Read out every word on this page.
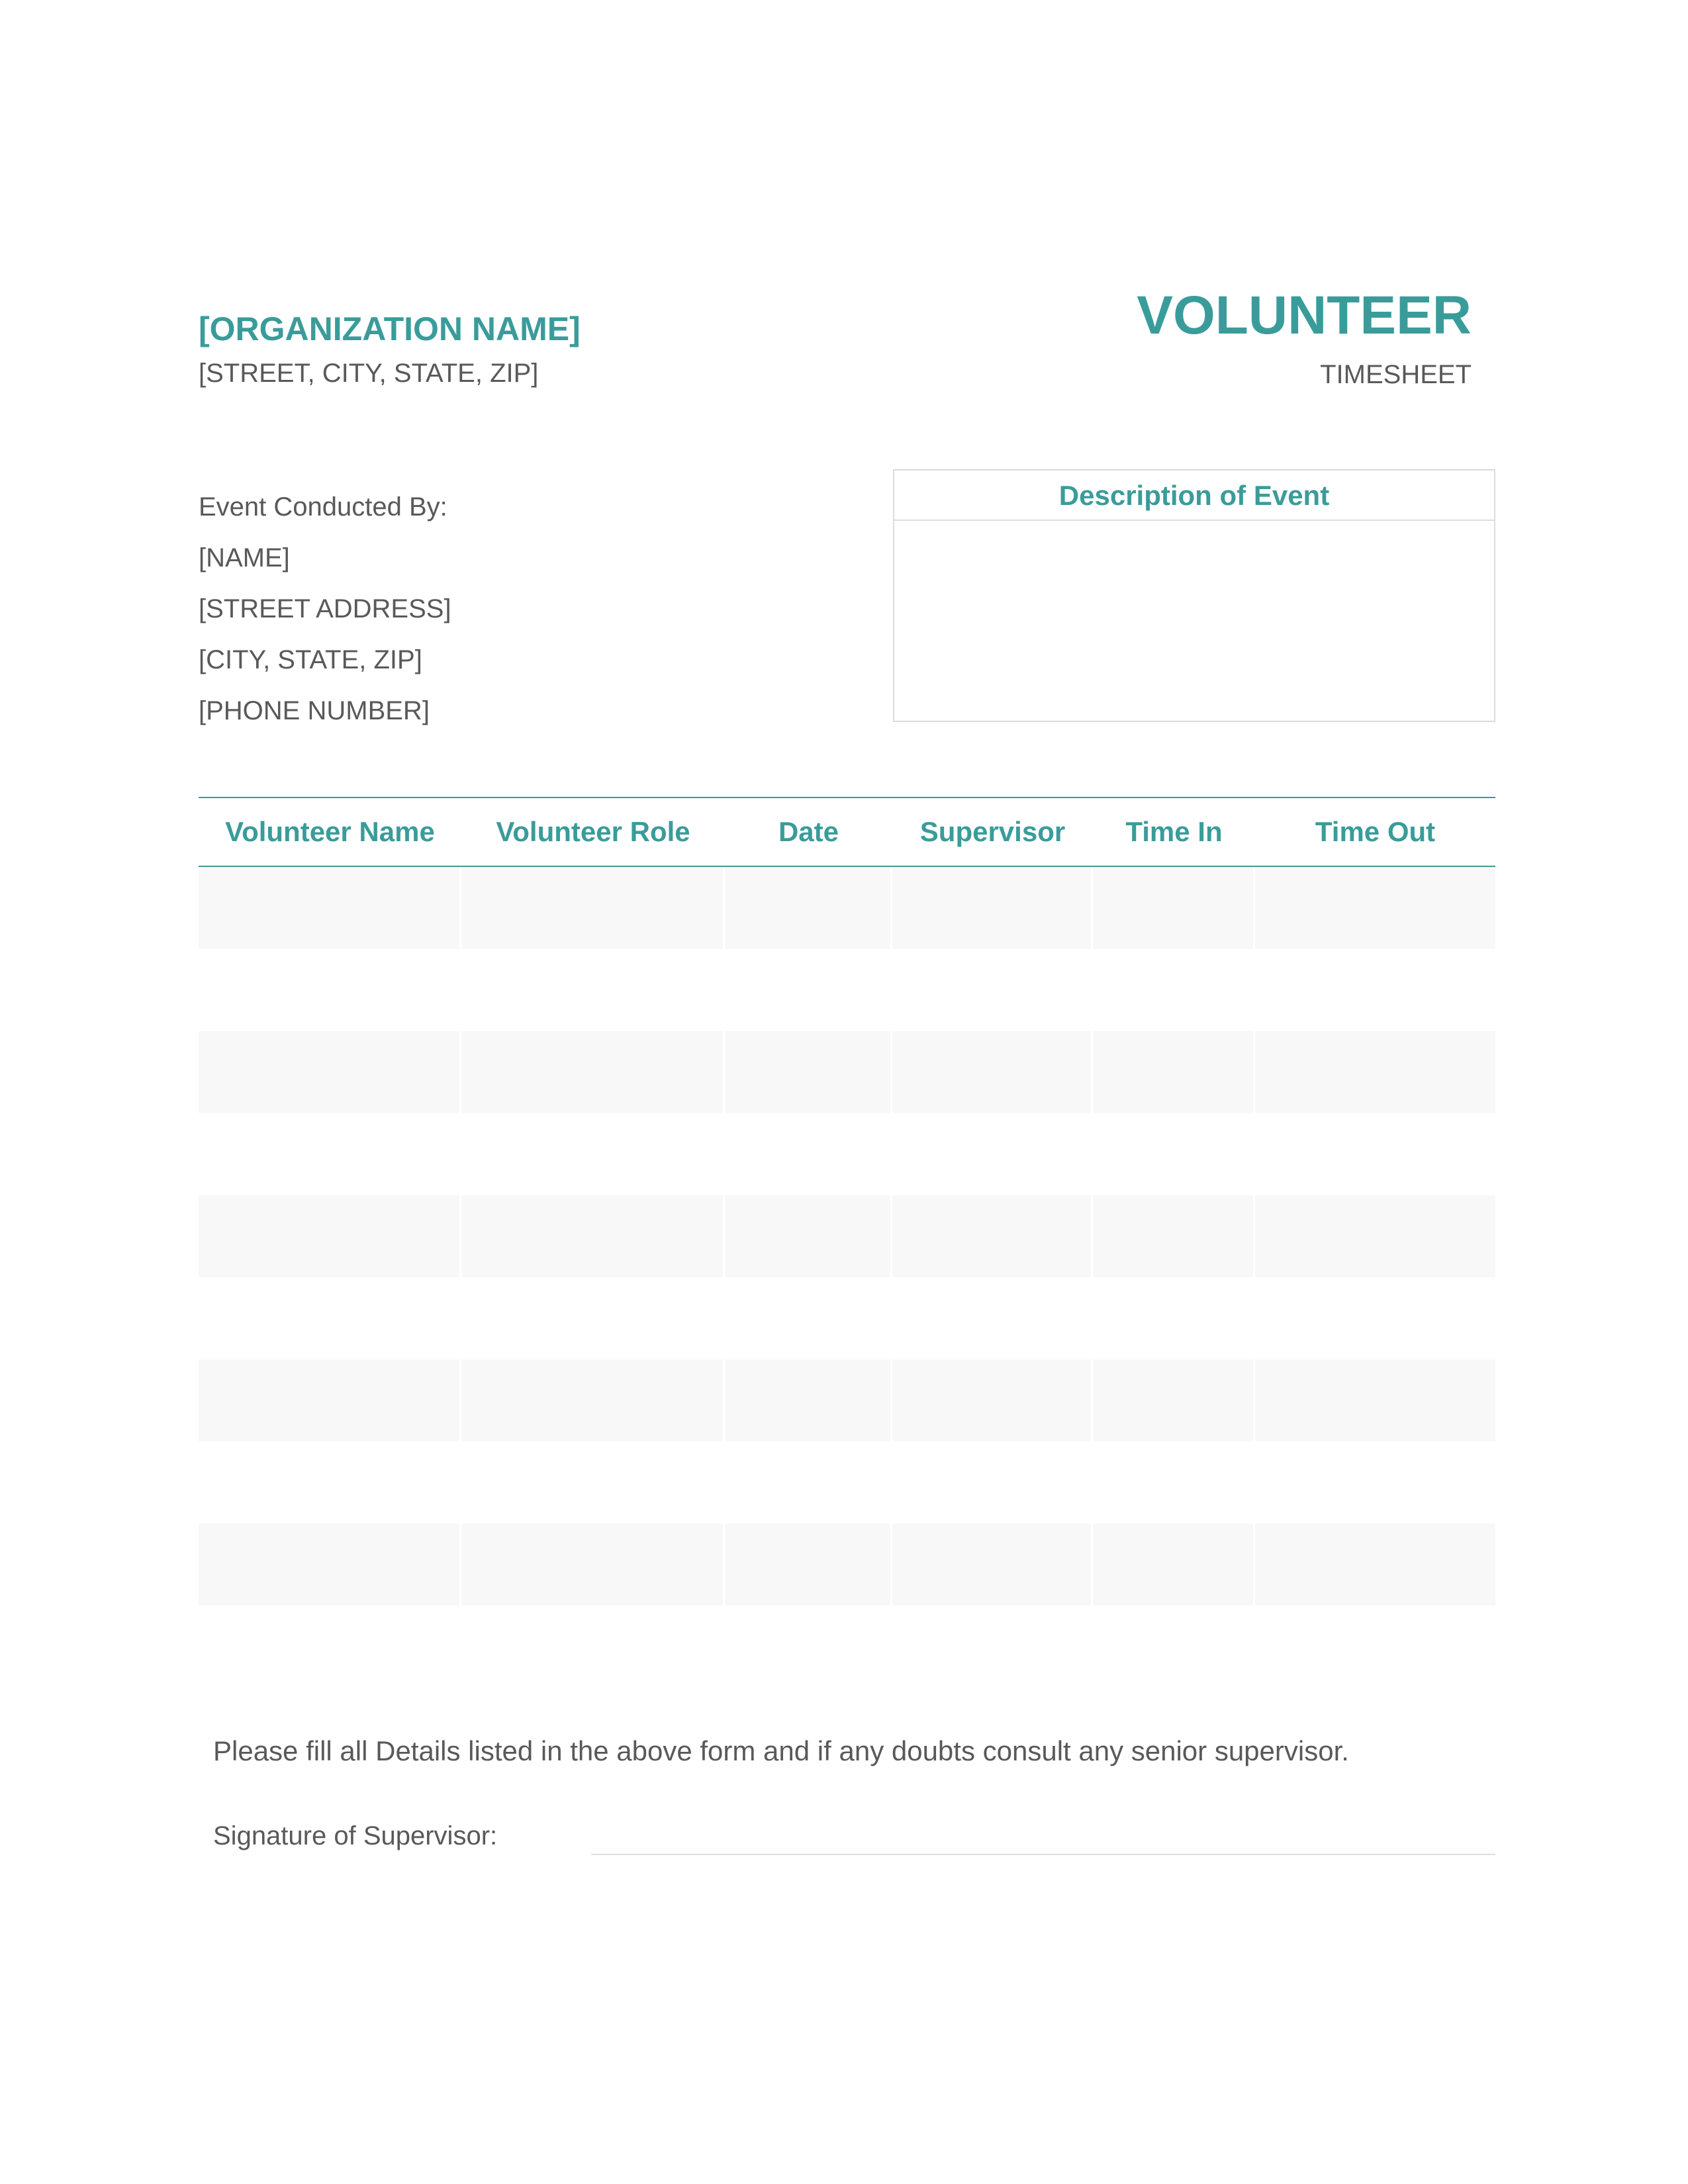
[ORGANIZATION NAME]
[STREET, CITY, STATE, ZIP]
VOLUNTEER
TIMESHEET
Event Conducted By:
[NAME]
[STREET ADDRESS]
[CITY, STATE, ZIP]
[PHONE NUMBER]
Description of Event
Volunteer Name	Volunteer Role	Date	Supervisor	Time In	Time Out
Please fill all Details listed in the above form and if any doubts consult any senior supervisor.
Signature of Supervisor:
